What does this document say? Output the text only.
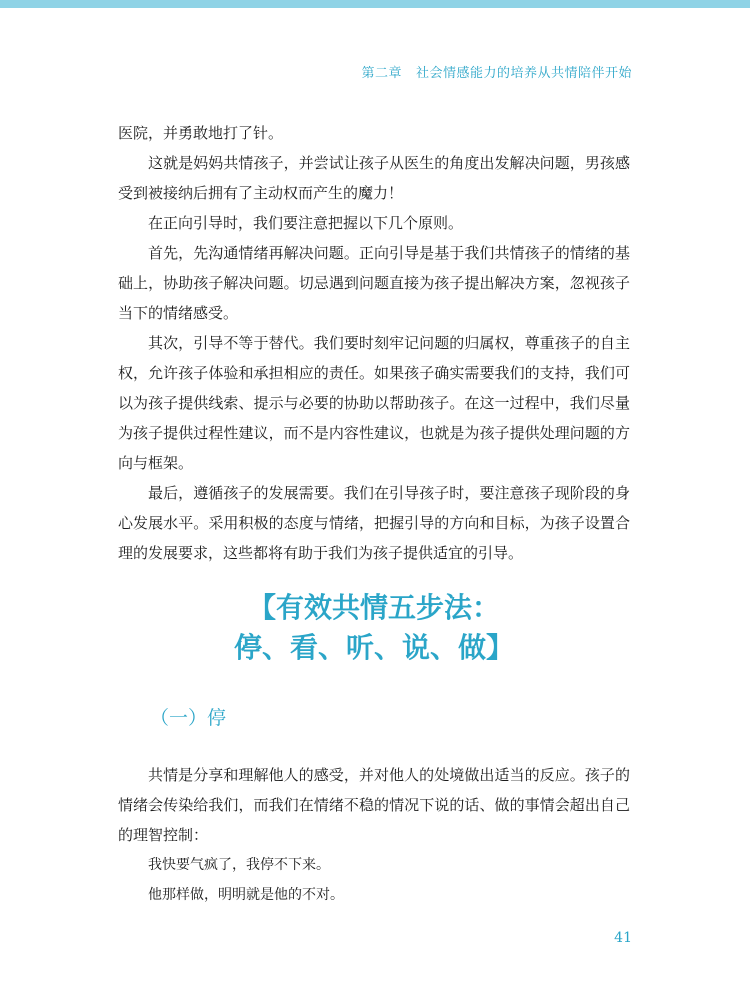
第二章 社会情感能力的培养从共情陪伴开始

医院，并勇敢地打了针。

这就是妈妈共情孩子，并尝试让孩子从医生的角度出发解决问题，男孩感受到被接纳后拥有了主动权而产生的魔力！

在正向引导时，我们要注意把握以下几个原则。

首先，先沟通情绪再解决问题。正向引导是基于我们共情孩子的情绪的基础上，协助孩子解决问题。切忌遇到问题直接为孩子提出解决方案，忽视孩子当下的情绪感受。

其次，引导不等于替代。我们要时刻牢记问题的归属权，尊重孩子的自主权，允许孩子体验和承担相应的责任。如果孩子确实需要我们的支持，我们可以为孩子提供线索、提示与必要的协助以帮助孩子。在这一过程中，我们尽量为孩子提供过程性建议，而不是内容性建议，也就是为孩子提供处理问题的方向与框架。

最后，遵循孩子的发展需要。我们在引导孩子时，要注意孩子现阶段的身心发展水平。采用积极的态度与情绪，把握引导的方向和目标，为孩子设置合理的发展要求，这些都将有助于我们为孩子提供适宜的引导。

【有效共情五步法：
停、看、听、说、做】
（一）停

共情是分享和理解他人的感受，并对他人的处境做出适当的反应。孩子的情绪会传染给我们，而我们在情绪不稳的情况下说的话、做的事情会超出自己的理智控制：

我快要气疯了，我停不下来。
他那样做，明明就是他的不对。
41
